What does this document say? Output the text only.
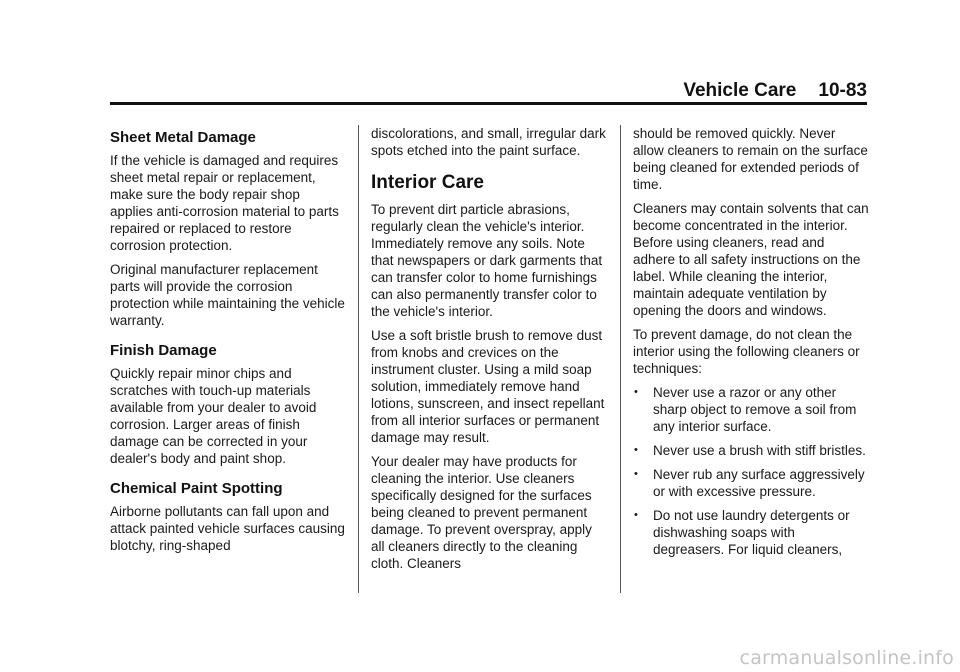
Vehicle Care 10-83
Sheet Metal Damage

If the vehicle is damaged and requires sheet metal repair or replacement, make sure the body repair shop applies anti-corrosion material to parts repaired or replaced to restore corrosion protection.

Original manufacturer replacement parts will provide the corrosion protection while maintaining the vehicle warranty.

Finish Damage

Quickly repair minor chips and scratches with touch-up materials available from your dealer to avoid corrosion. Larger areas of finish damage can be corrected in your dealer's body and paint shop.

Chemical Paint Spotting

Airborne pollutants can fall upon and attack painted vehicle surfaces causing blotchy, ring-shaped

discolorations, and small, irregular dark spots etched into the paint surface.

Interior Care

To prevent dirt particle abrasions, regularly clean the vehicle's interior. Immediately remove any soils. Note that newspapers or dark garments that can transfer color to home furnishings can also permanently transfer color to the vehicle's interior.

Use a soft bristle brush to remove dust from knobs and crevices on the instrument cluster. Using a mild soap solution, immediately remove hand lotions, sunscreen, and insect repellant from all interior surfaces or permanent damage may result.

Your dealer may have products for cleaning the interior. Use cleaners specifically designed for the surfaces being cleaned to prevent permanent damage. To prevent overspray, apply all cleaners directly to the cleaning cloth. Cleaners

should be removed quickly. Never allow cleaners to remain on the surface being cleaned for extended periods of time.

Cleaners may contain solvents that can become concentrated in the interior. Before using cleaners, read and adhere to all safety instructions on the label. While cleaning the interior, maintain adequate ventilation by opening the doors and windows.

To prevent damage, do not clean the interior using the following cleaners or techniques:

• Never use a razor or any other sharp object to remove a soil from any interior surface.
• Never use a brush with stiff bristles.
• Never rub any surface aggressively or with excessive pressure.
• Do not use laundry detergents or dishwashing soaps with degreasers. For liquid cleaners,
carmanualsonline.info
